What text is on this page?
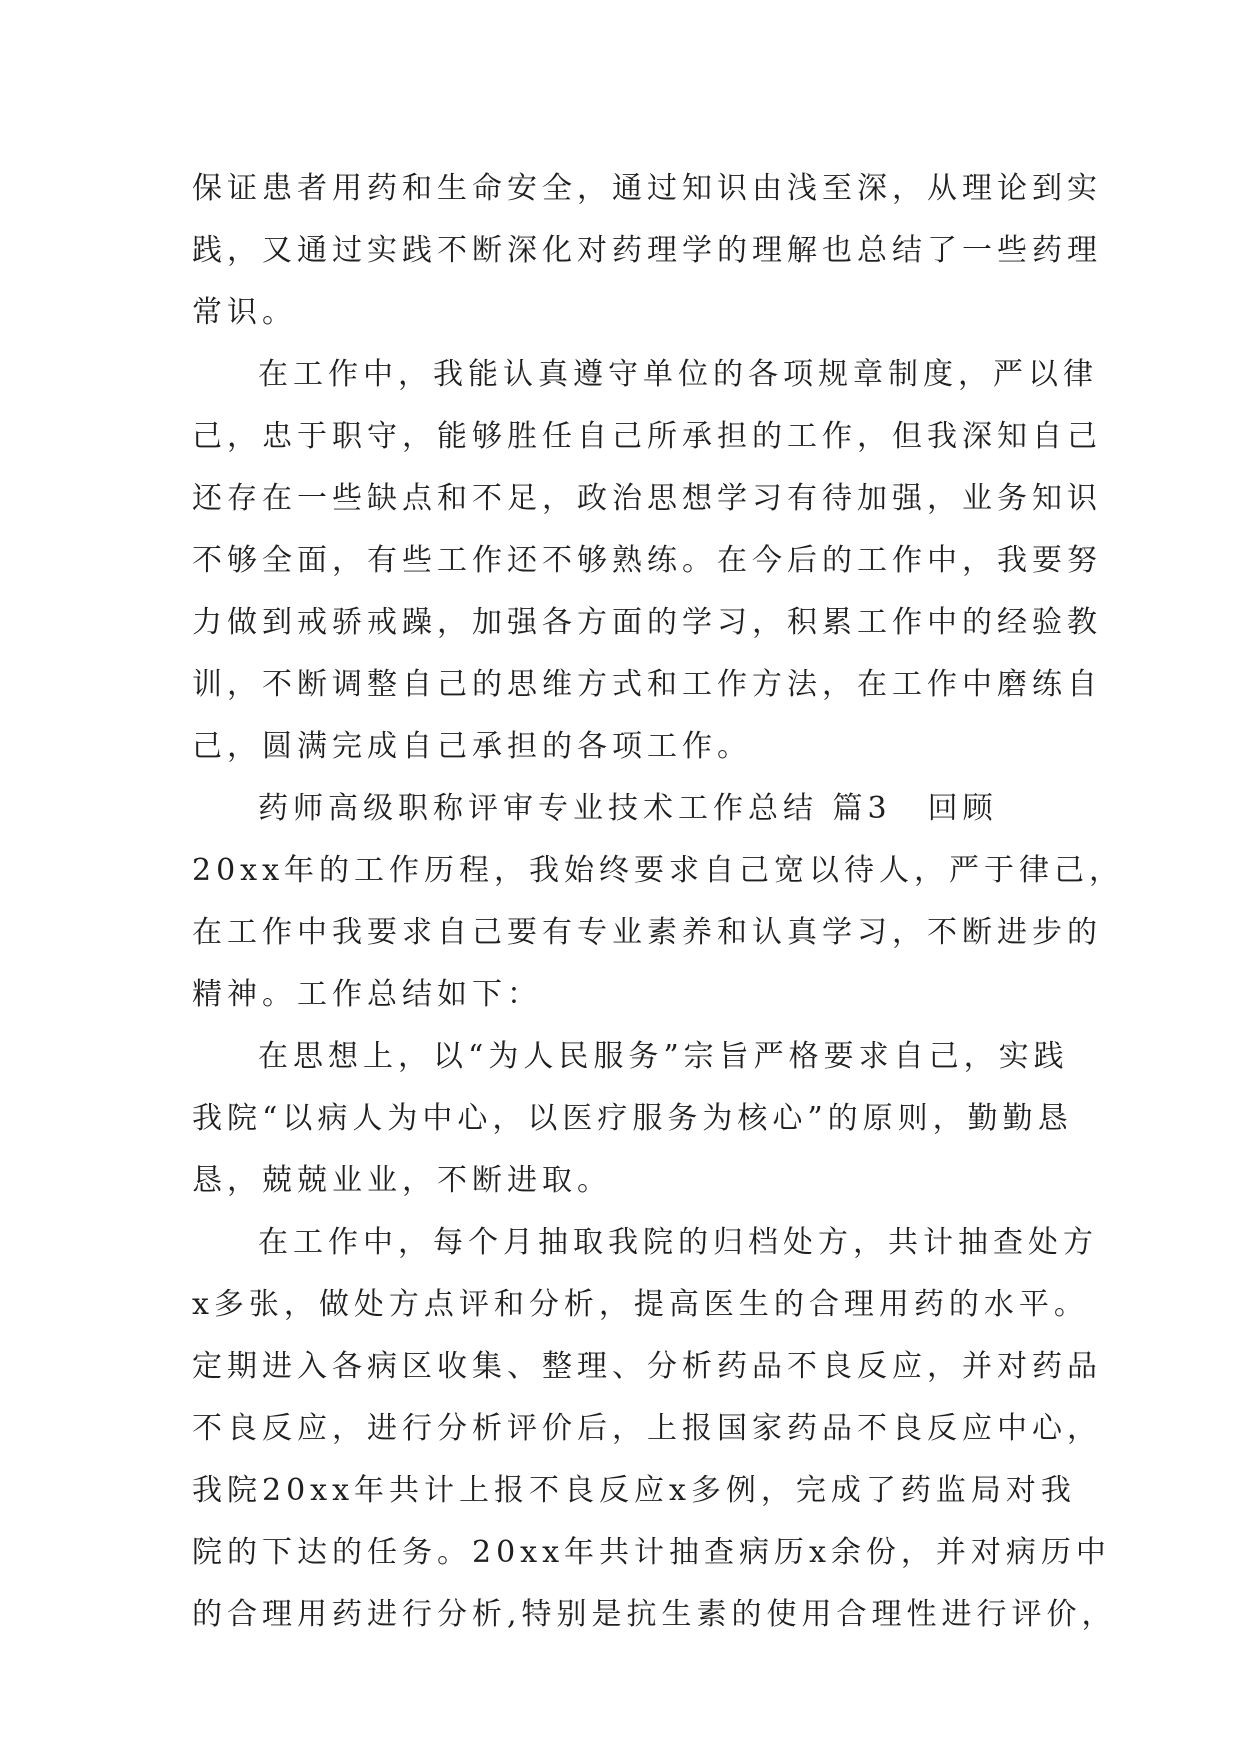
保证患者用药和生命安全，通过知识由浅至深，从理论到实
践，又通过实践不断深化对药理学的理解也总结了一些药理
常识。
在工作中，我能认真遵守单位的各项规章制度，严以律
己，忠于职守，能够胜任自己所承担的工作，但我深知自己
还存在一些缺点和不足，政治思想学习有待加强，业务知识
不够全面，有些工作还不够熟练。在今后的工作中，我要努
力做到戒骄戒躁，加强各方面的学习，积累工作中的经验教
训，不断调整自己的思维方式和工作方法，在工作中磨练自
己，圆满完成自己承担的各项工作。
药师高级职称评审专业技术工作总结 篇3 回顾
20xx年的工作历程，我始终要求自己宽以待人，严于律己，
在工作中我要求自己要有专业素养和认真学习，不断进步的
精神。工作总结如下：
在思想上，以“为人民服务”宗旨严格要求自己，实践
我院“以病人为中心，以医疗服务为核心”的原则，勤勤恳
恳，兢兢业业，不断进取。
在工作中，每个月抽取我院的归档处方，共计抽查处方
x多张，做处方点评和分析，提高医生的合理用药的水平。
定期进入各病区收集、整理、分析药品不良反应，并对药品
不良反应，进行分析评价后，上报国家药品不良反应中心，
我院20xx年共计上报不良反应x多例，完成了药监局对我
院的下达的任务。20xx年共计抽查病历x余份，并对病历中
的合理用药进行分析,特别是抗生素的使用合理性进行评价，
